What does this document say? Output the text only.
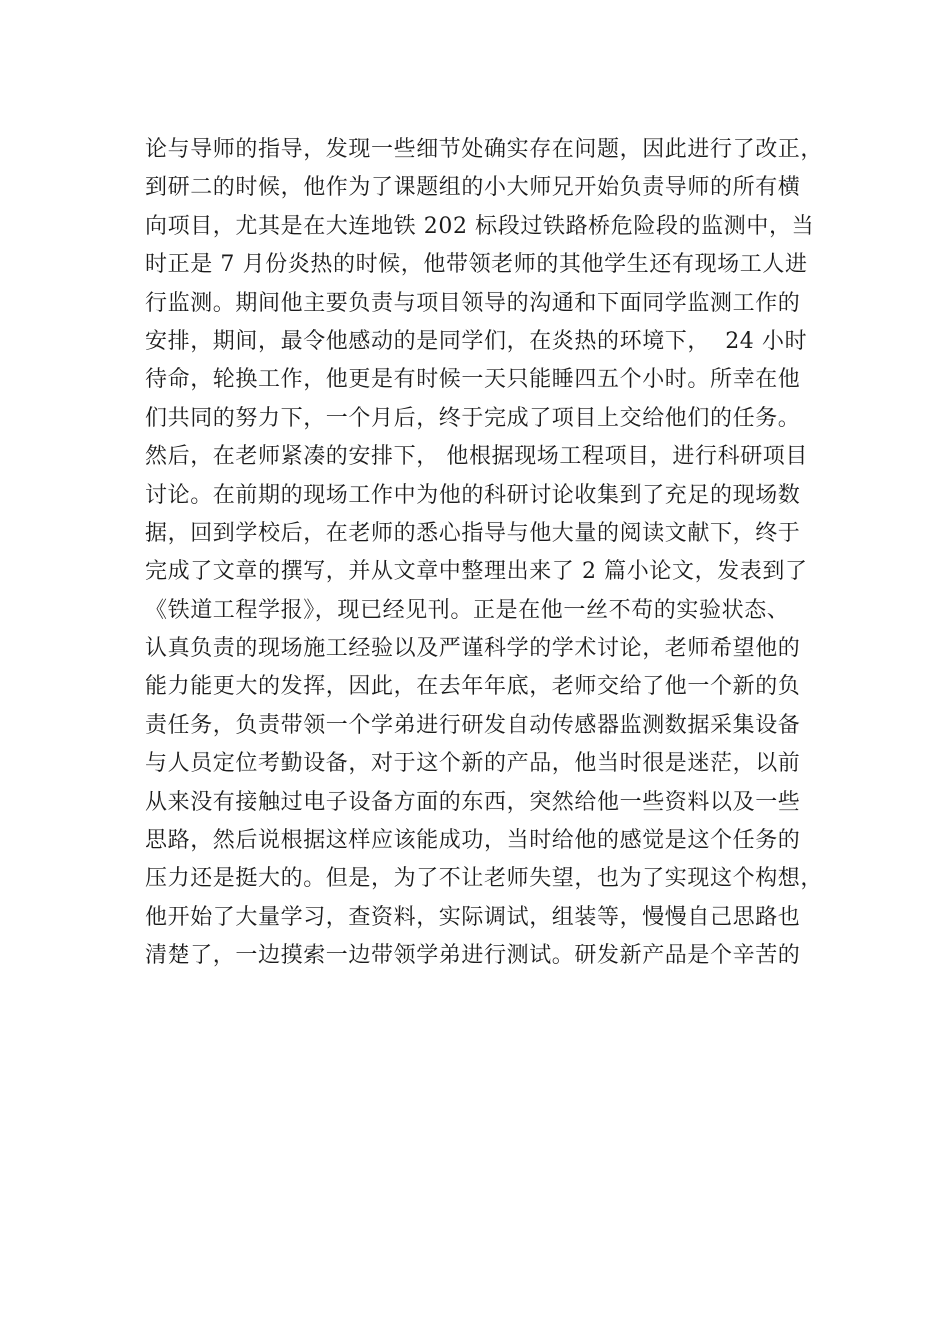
论与导师的指导，发现一些细节处确实存在问题，因此进行了改正，
到研二的时候，他作为了课题组的小大师兄开始负责导师的所有横
向项目，尤其是在大连地铁 202 标段过铁路桥危险段的监测中，当
时正是 7 月份炎热的时候，他带领老师的其他学生还有现场工人进
行监测。期间他主要负责与项目领导的沟通和下面同学监测工作的
安排，期间，最令他感动的是同学们，在炎热的环境下，  24 小时
待命，轮换工作，他更是有时候一天只能睡四五个小时。所幸在他
们共同的努力下，一个月后，终于完成了项目上交给他们的任务。
然后，在老师紧凑的安排下， 他根据现场工程项目，进行科研项目
讨论。在前期的现场工作中为他的科研讨论收集到了充足的现场数
据，回到学校后，在老师的悉心指导与他大量的阅读文献下，终于
完成了文章的撰写，并从文章中整理出来了 2 篇小论文，发表到了
《铁道工程学报》，现已经见刊。正是在他一丝不苟的实验状态、
认真负责的现场施工经验以及严谨科学的学术讨论，老师希望他的
能力能更大的发挥，因此，在去年年底，老师交给了他一个新的负
责任务，负责带领一个学弟进行研发自动传感器监测数据采集设备
与人员定位考勤设备，对于这个新的产品，他当时很是迷茫，以前
从来没有接触过电子设备方面的东西，突然给他一些资料以及一些
思路，然后说根据这样应该能成功，当时给他的感觉是这个任务的
压力还是挺大的。但是，为了不让老师失望，也为了实现这个构想，
他开始了大量学习，查资料，实际调试，组装等，慢慢自己思路也
清楚了，一边摸索一边带领学弟进行测试。研发新产品是个辛苦的
